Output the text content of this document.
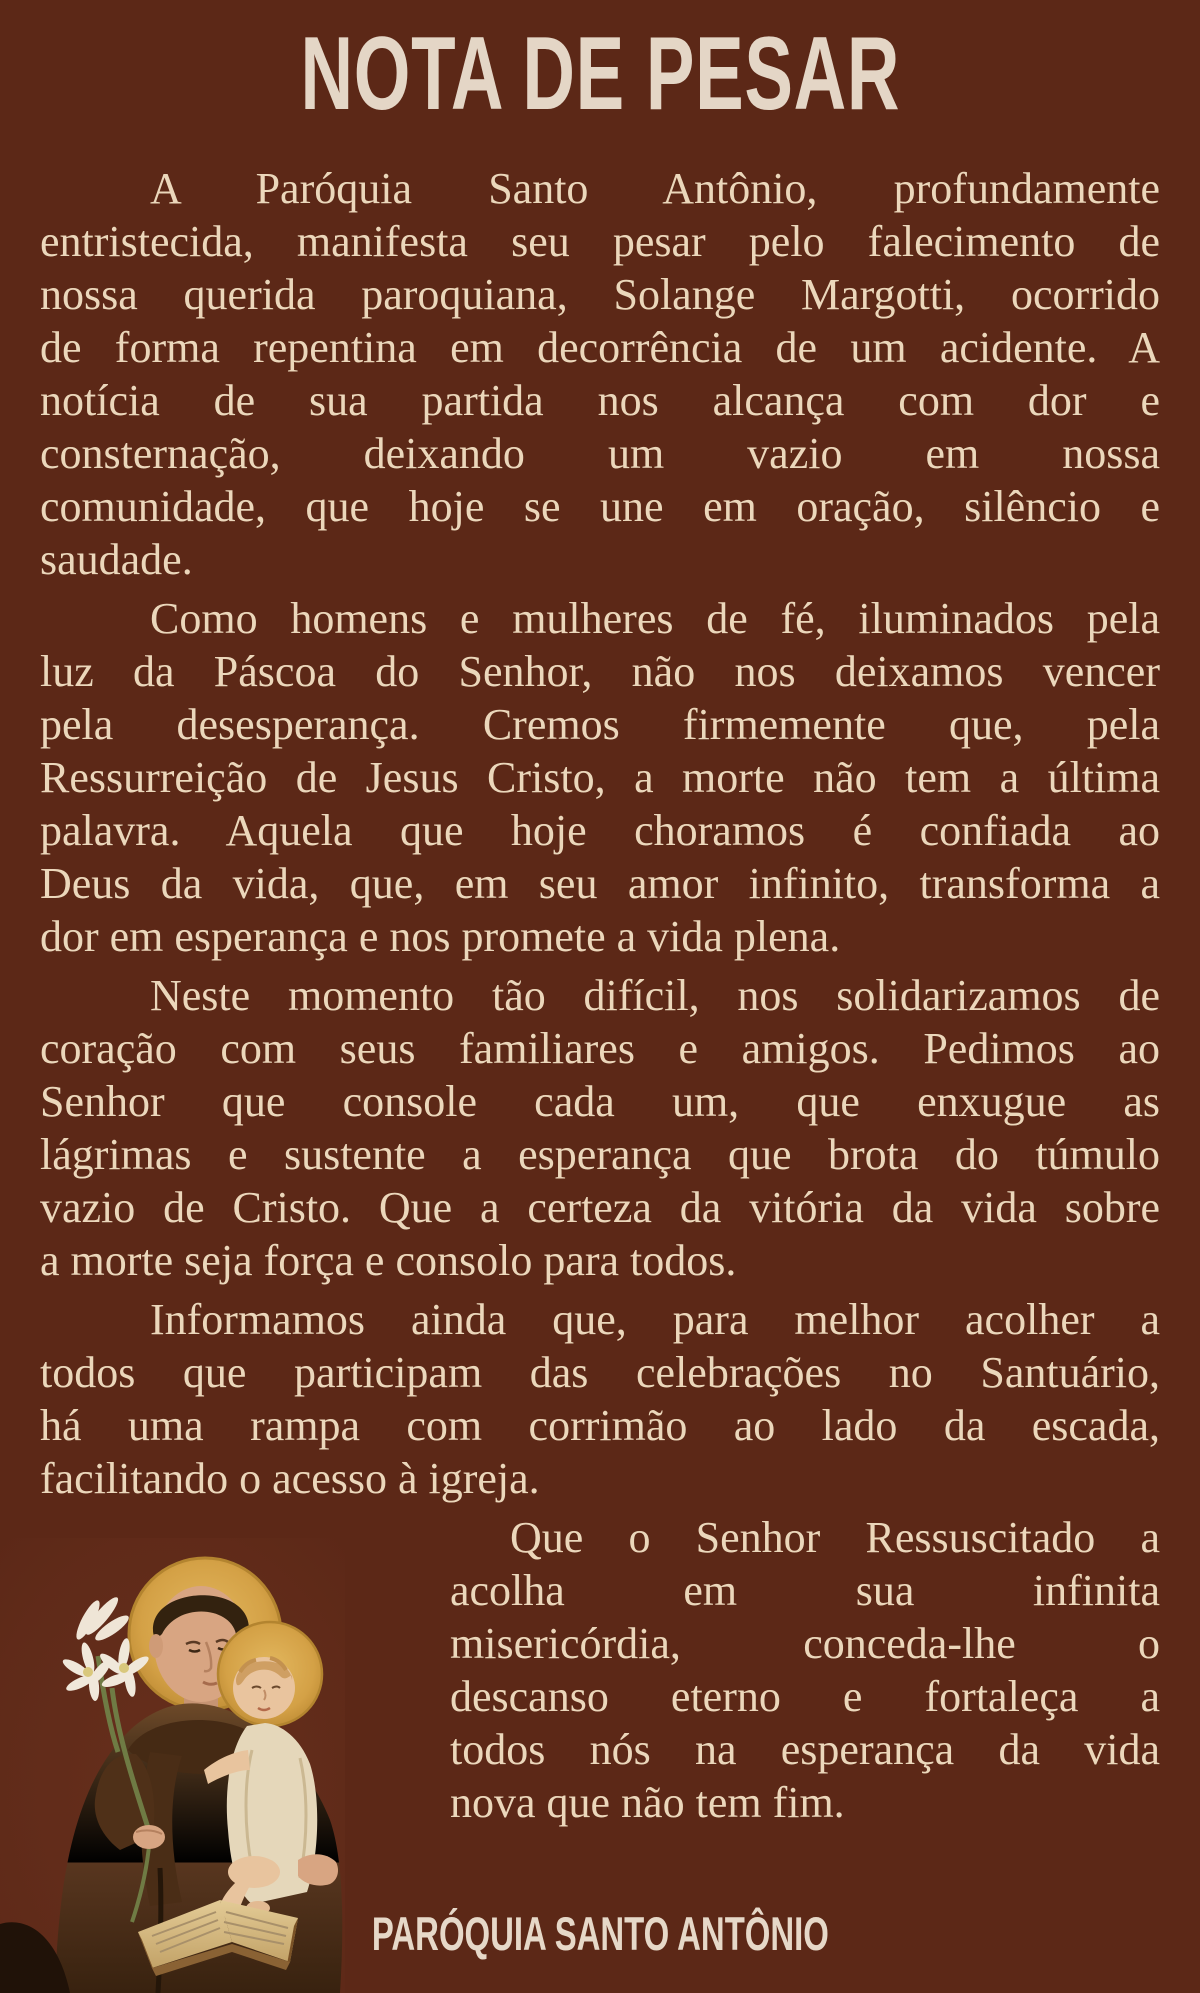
NOTA DE PESAR
A Paróquia Santo Antônio, profundamente
entristecida, manifesta seu pesar pelo falecimento de
nossa querida paroquiana, Solange Margotti, ocorrido
de forma repentina em decorrência de um acidente. A
notícia de sua partida nos alcança com dor e
consternação, deixando um vazio em nossa
comunidade, que hoje se une em oração, silêncio e
saudade.
Como homens e mulheres de fé, iluminados pela
luz da Páscoa do Senhor, não nos deixamos vencer
pela desesperança. Cremos firmemente que, pela
Ressurreição de Jesus Cristo, a morte não tem a última
palavra. Aquela que hoje choramos é confiada ao
Deus da vida, que, em seu amor infinito, transforma a
dor em esperança e nos promete a vida plena.
Neste momento tão difícil, nos solidarizamos de
coração com seus familiares e amigos. Pedimos ao
Senhor que console cada um, que enxugue as
lágrimas e sustente a esperança que brota do túmulo
vazio de Cristo. Que a certeza da vitória da vida sobre
a morte seja força e consolo para todos.
Informamos ainda que, para melhor acolher a
todos que participam das celebrações no Santuário,
há uma rampa com corrimão ao lado da escada,
facilitando o acesso à igreja.
Que o Senhor Ressuscitado a
acolha em sua infinita
misericórdia, conceda-lhe o
descanso eterno e fortaleça a
todos nós na esperança da vida
nova que não tem fim.

PARÓQUIA SANTO ANTÔNIO
